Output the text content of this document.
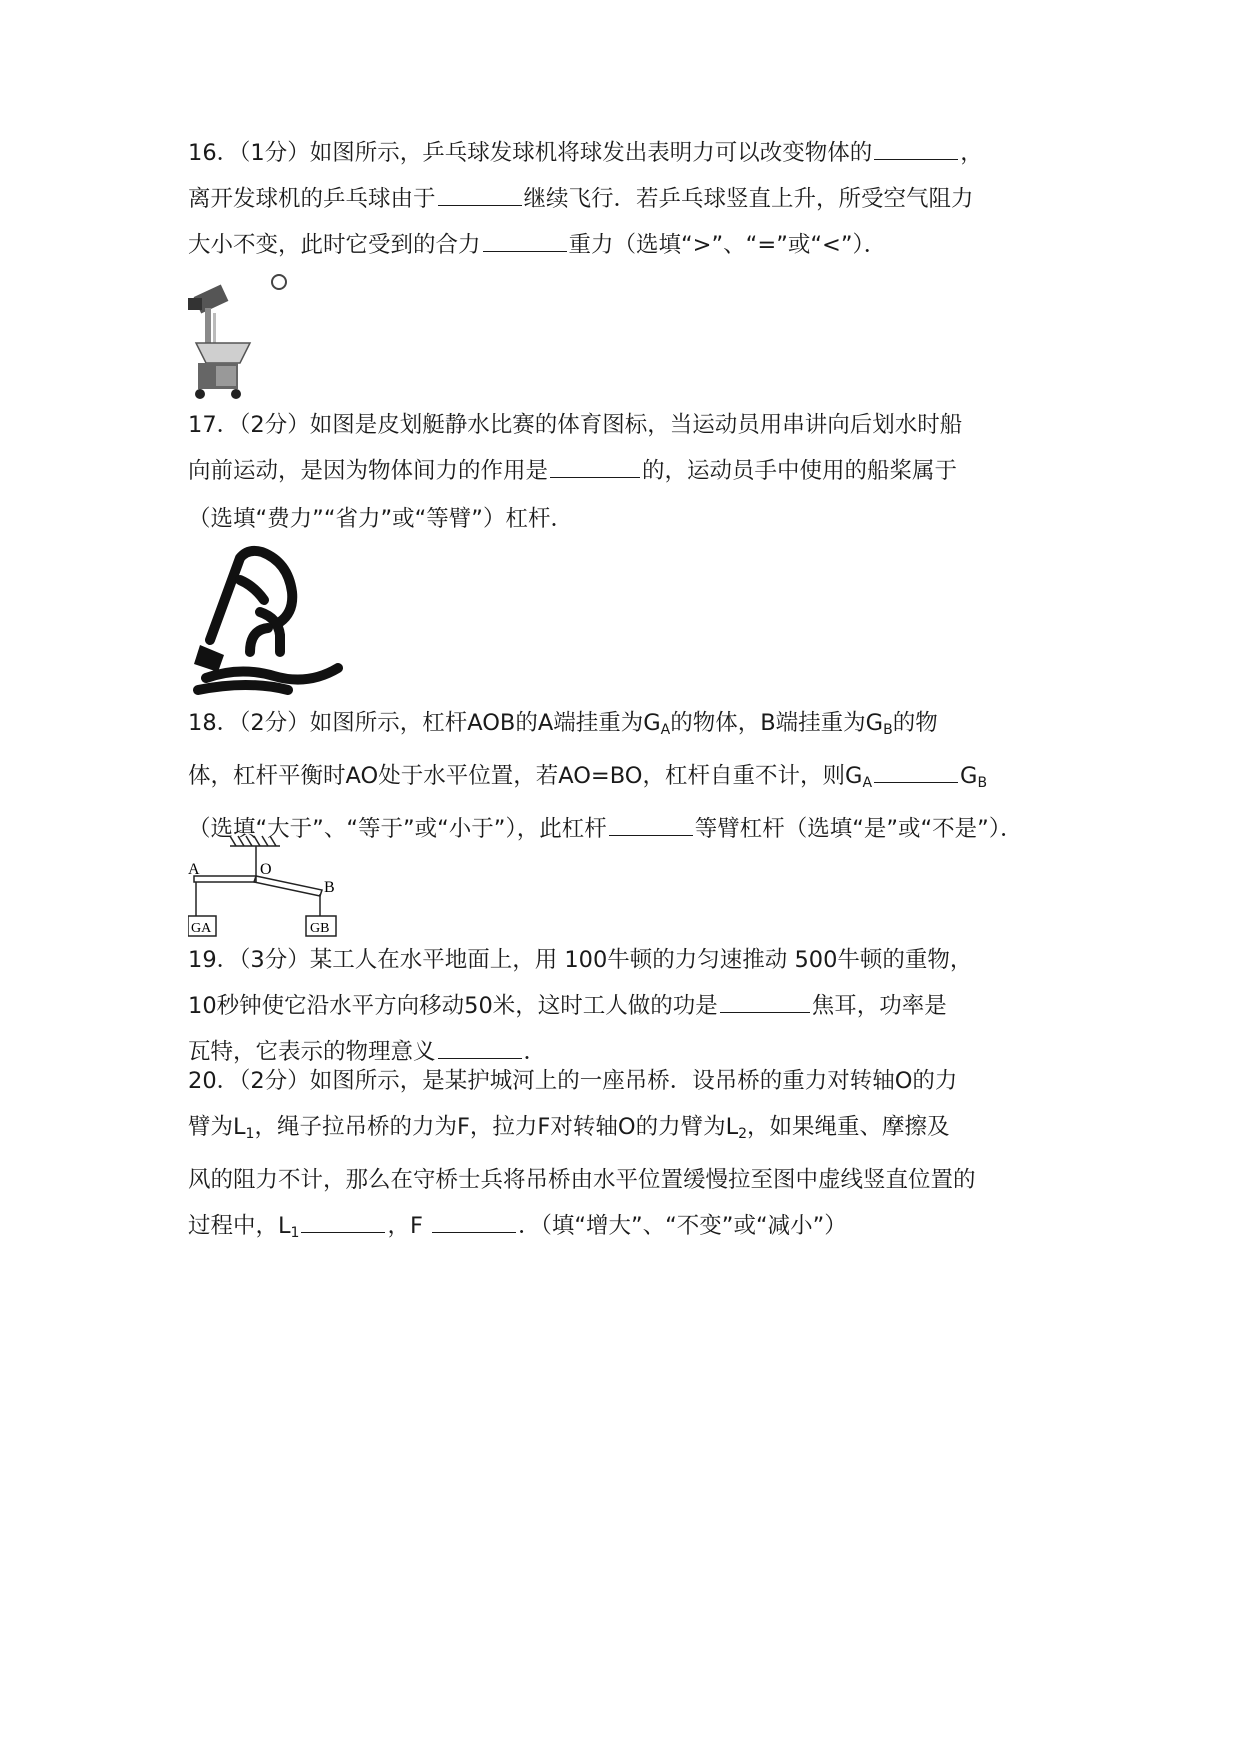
16．（1分）如图所示，乒乓球发球机将球发出表明力可以改变物体的	，
离开发球机的乒乓球由于	继续飞行．若乒乓球竖直上升，所受空气阻力
大小不变，此时它受到的合力	重力（选填“>”、“=”或“<”）．
17．（2分）如图是皮划艇静水比赛的体育图标，当运动员用串讲向后划水时船
向前运动，是因为物体间力的作用是	的，运动员手中使用的船桨属于
（选填“费力”“省力”或“等臂”）杠杆．
18．（2分）如图所示，杠杆AOB的A端挂重为$G_A$的物体，B端挂重为$G_B$的物
体，杠杆平衡时AO处于水平位置，若AO=BO，杠杆自重不计，则$G_A$	$G_B$
（选填“大于”、“等于”或“小于”），此杠杆	等臂杠杆（选填“是”或“不是”）．
A	O
B
GA	GB
19．（3分）某工人在水平地面上，用 100牛顿的力匀速推动 500牛顿的重物，
10秒钟使它沿水平方向移动50米，这时工人做的功是	焦耳，功率是
瓦特，它表示的物理意义	．
20．（2分）如图所示，是某护城河上的一座吊桥．设吊桥的重力对转轴O的力
臂为$L_1$，绳子拉吊桥的力为F，拉力F对转轴O的力臂为$L_2$，如果绳重、摩擦及
风的阻力不计，那么在守桥士兵将吊桥由水平位置缓慢拉至图中虚线竖直位置的
过程中，$L_1$	，F	．（填“增大”、“不变”或“减小”）
